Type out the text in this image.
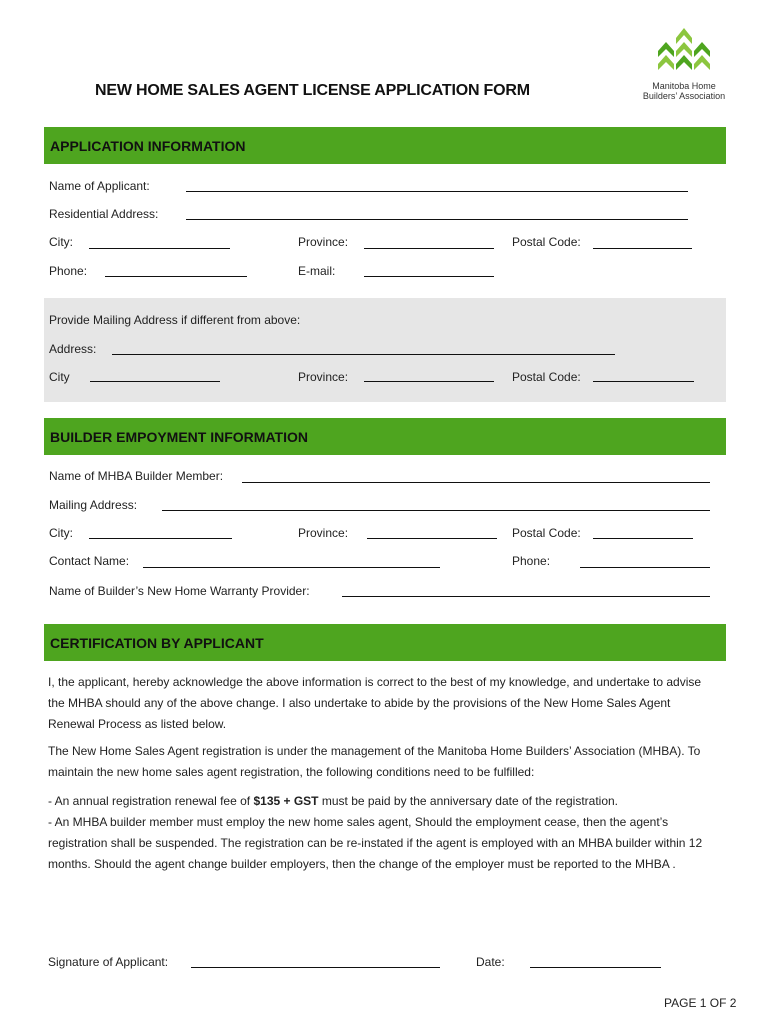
Manitoba Home
Builders’ Association
NEW HOME SALES AGENT LICENSE APPLICATION FORM
APPLICATION INFORMATION
Name of Applicant:
Residential Address:
City:	Province:	Postal Code:
Phone:	E-mail:
Provide Mailing Address if different from above:
Address:
City	Province:	Postal Code:
BUILDER EMPOYMENT INFORMATION
Name of MHBA Builder Member:
Mailing Address:
City:	Province:	Postal Code:
Contact Name:	Phone:
Name of Builder’s New Home Warranty Provider:
CERTIFICATION BY APPLICANT
I, the applicant, hereby acknowledge the above information is correct to the best of my knowledge, and undertake to advise the MHBA should any of the above change. I also undertake to abide by the provisions of the New Home Sales Agent Renewal Process as listed below.
The New Home Sales Agent registration is under the management of the Manitoba Home Builders’ Association (MHBA). To maintain the new home sales agent registration, the following conditions need to be fulfilled:
- An annual registration renewal fee of $135 + GST must be paid by the anniversary date of the registration.
- An MHBA builder member must employ the new home sales agent, Should the employment cease, then the agent’s registration shall be suspended. The registration can be re-instated if the agent is employed with an MHBA builder within 12 months. Should the agent change builder employers, then the change of the employer must be reported to the MHBA .
Signature of Applicant:	Date:
PAGE 1 OF 2
